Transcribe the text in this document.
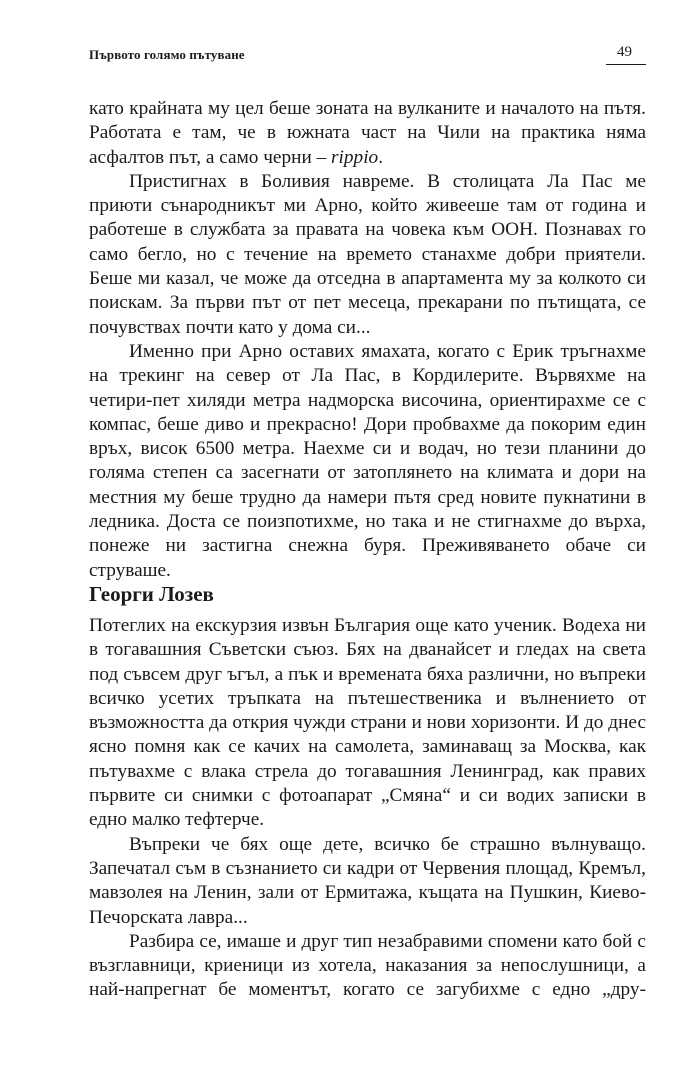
Първото голямо пътуване	49

като крайната му цел беше зоната на вулканите и началото на пътя. Работата е там, че в южната част на Чили на практика няма асфалтов път, а само черни – rippio.

Пристигнах в Боливия навреме. В столицата Ла Пас ме приюти сънародникът ми Арно, който живееше там от година и работеше в службата за правата на човека към ООН. Познавах го само бегло, но с течение на времето станахме добри приятели. Беше ми казал, че може да отседна в апартамента му за колкото си поискам. За първи път от пет месеца, прекарани по пътищата, се почувствах почти като у дома си...

Именно при Арно оставих ямахата, когато с Ерик тръгнахме на трекинг на север от Ла Пас, в Кордилерите. Вървяхме на четири-пет хиляди метра надморска височина, ориентирахме се с компас, беше диво и прекрасно! Дори пробвахме да покорим един връх, висок 6500 метра. Наехме си и водач, но тези планини до голяма степен са засегнати от затоплянето на климата и дори на местния му беше трудно да намери пътя сред новите пукнатини в ледника. Доста се поизпотихме, но така и не стигнахме до върха, понеже ни застигна снежна буря. Преживяването обаче си струваше.

Георги Лозев

Потеглих на екскурзия извън България още като ученик. Водеха ни в тогавашния Съветски съюз. Бях на дванайсет и гледах на света под съвсем друг ъгъл, а пък и времената бяха различни, но въпреки всичко усетих тръпката на пътешественика и вълнението от възможността да открия чужди страни и нови хоризонти. И до днес ясно помня как се качих на самолета, заминаващ за Москва, как пътувахме с влака стрела до тогавашния Ленинград, как правих първите си снимки с фотоапарат „Смяна“ и си водих записки в едно малко тефтерче.

Въпреки че бях още дете, всичко бе страшно вълнуващо. Запечатал съм в съзнанието си кадри от Червения площад, Кремъл, мавзолея на Ленин, зали от Ермитажа, къщата на Пушкин, Киево-Печорската лавра...

Разбира се, имаше и друг тип незабравими спомени като бой с възглавници, криеници из хотела, наказания за непослушници, а най-напрегнат бе моментът, когато се загубихме с едно „дру-
